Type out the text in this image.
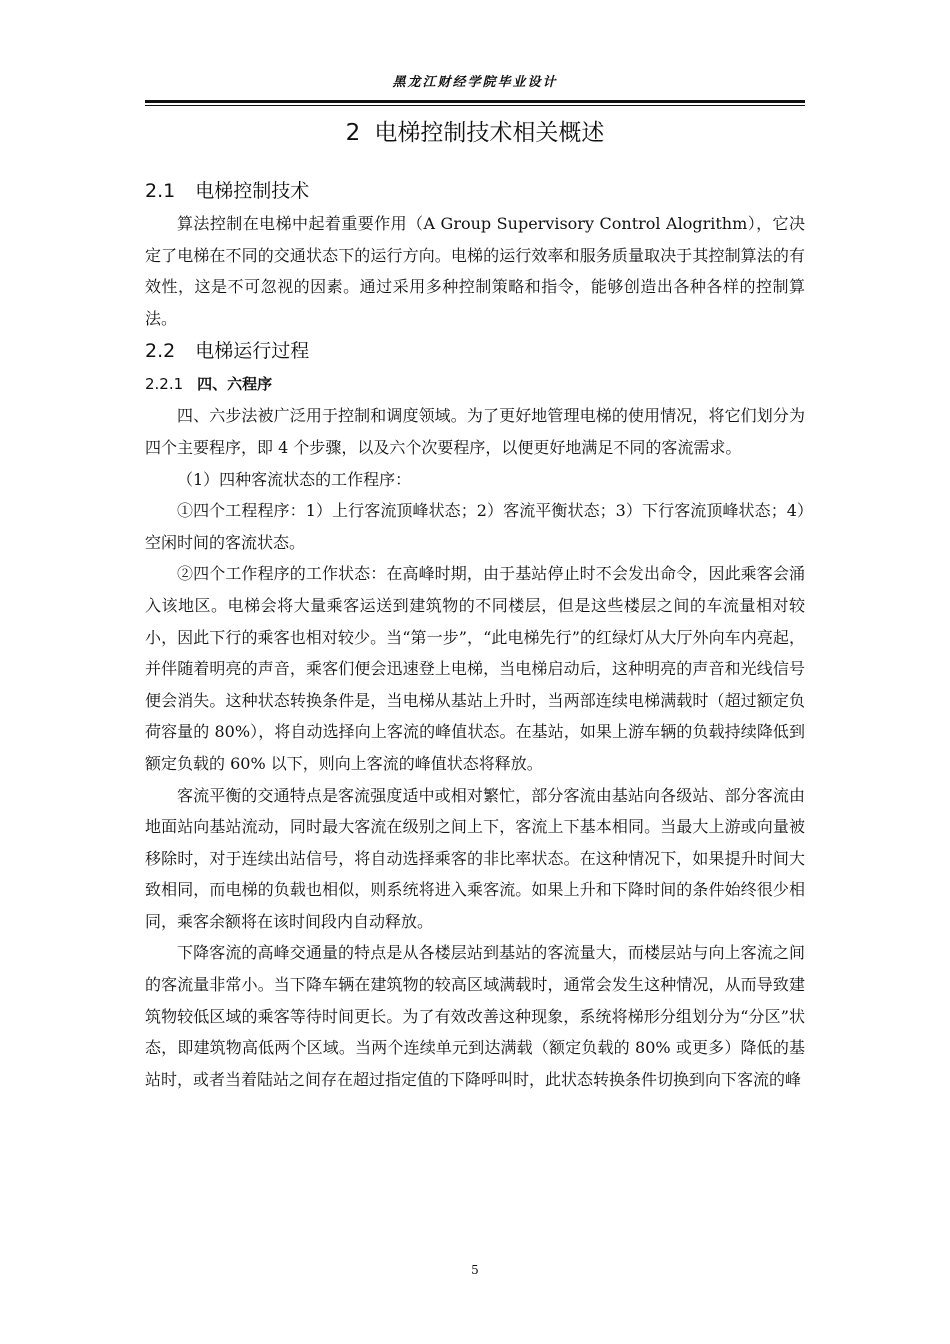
黑龙江财经学院毕业设计
2 电梯控制技术相关概述
2.1 电梯控制技术

算法控制在电梯中起着重要作用（A Group Supervisory Control Alogrithm），它决定了电梯在不同的交通状态下的运行方向。电梯的运行效率和服务质量取决于其控制算法的有效性，这是不可忽视的因素。通过采用多种控制策略和指令，能够创造出各种各样的控制算法。

2.2 电梯运行过程
2.2.1 四、六程序

四、六步法被广泛用于控制和调度领域。为了更好地管理电梯的使用情况，将它们划分为四个主要程序，即 4 个步骤，以及六个次要程序，以便更好地满足不同的客流需求。

（1）四种客流状态的工作程序：

①四个工程程序：1）上行客流顶峰状态；2）客流平衡状态；3）下行客流顶峰状态；4）空闲时间的客流状态。

②四个工作程序的工作状态：在高峰时期，由于基站停止时不会发出命令，因此乘客会涌入该地区。电梯会将大量乘客运送到建筑物的不同楼层，但是这些楼层之间的车流量相对较小，因此下行的乘客也相对较少。当“第一步”，“此电梯先行”的红绿灯从大厅外向车内亮起，并伴随着明亮的声音，乘客们便会迅速登上电梯，当电梯启动后，这种明亮的声音和光线信号便会消失。这种状态转换条件是，当电梯从基站上升时，当两部连续电梯满载时（超过额定负荷容量的 80%），将自动选择向上客流的峰值状态。在基站，如果上游车辆的负载持续降低到额定负载的 60% 以下，则向上客流的峰值状态将释放。

客流平衡的交通特点是客流强度适中或相对繁忙，部分客流由基站向各级站、部分客流由地面站向基站流动，同时最大客流在级别之间上下，客流上下基本相同。当最大上游或向量被移除时，对于连续出站信号，将自动选择乘客的非比率状态。在这种情况下，如果提升时间大致相同，而电梯的负载也相似，则系统将进入乘客流。如果上升和下降时间的条件始终很少相同，乘客余额将在该时间段内自动释放。

下降客流的高峰交通量的特点是从各楼层站到基站的客流量大，而楼层站与向上客流之间的客流量非常小。当下降车辆在建筑物的较高区域满载时，通常会发生这种情况，从而导致建筑物较低区域的乘客等待时间更长。为了有效改善这种现象，系统将梯形分组划分为“分区”状态，即建筑物高低两个区域。当两个连续单元到达满载（额定负载的 80% 或更多）降低的基站时，或者当着陆站之间存在超过指定值的下降呼叫时，此状态转换条件切换到向下客流的峰

5
